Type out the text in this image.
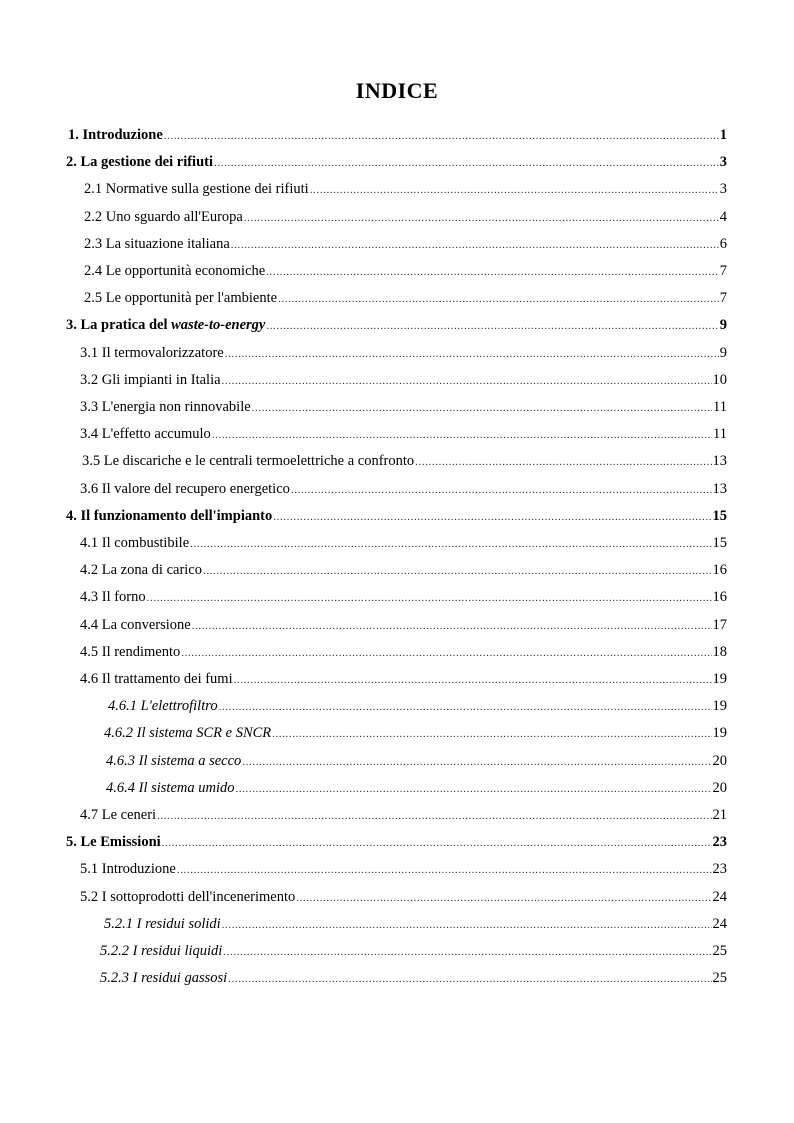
INDICE
1. Introduzione .....	1
2. La gestione dei rifiuti .....	3
2.1 Normative sulla gestione dei rifiuti .....	3
2.2 Uno sguardo all'Europa .....	4
2.3 La situazione italiana .....	6
2.4 Le opportunità economiche .....	7
2.5 Le opportunità per l'ambiente .....	7
3. La pratica del waste-to-energy .....	9
3.1 Il termovalorizzatore .....	9
3.2 Gli impianti in Italia .....	10
3.3 L'energia non rinnovabile .....	11
3.4 L'effetto accumulo .....	11
3.5 Le discariche e le centrali termoelettriche a confronto .....	13
3.6 Il valore del recupero energetico .....	13
4. Il funzionamento dell'impianto .....	15
4.1 Il combustibile .....	15
4.2 La zona di carico .....	16
4.3 Il forno .....	16
4.4 La conversione .....	17
4.5 Il rendimento .....	18
4.6 Il trattamento dei fumi .....	19
4.6.1 L'elettrofiltro .....	19
4.6.2 Il sistema SCR e SNCR .....	19
4.6.3 Il sistema a secco .....	20
4.6.4 Il sistema umido .....	20
4.7 Le ceneri .....	21
5. Le Emissioni .....	23
5.1 Introduzione .....	23
5.2 I sottoprodotti dell'incenerimento .....	24
5.2.1 I residui solidi .....	24
5.2.2 I residui liquidi .....	25
5.2.3 I residui gassosi .....	25
